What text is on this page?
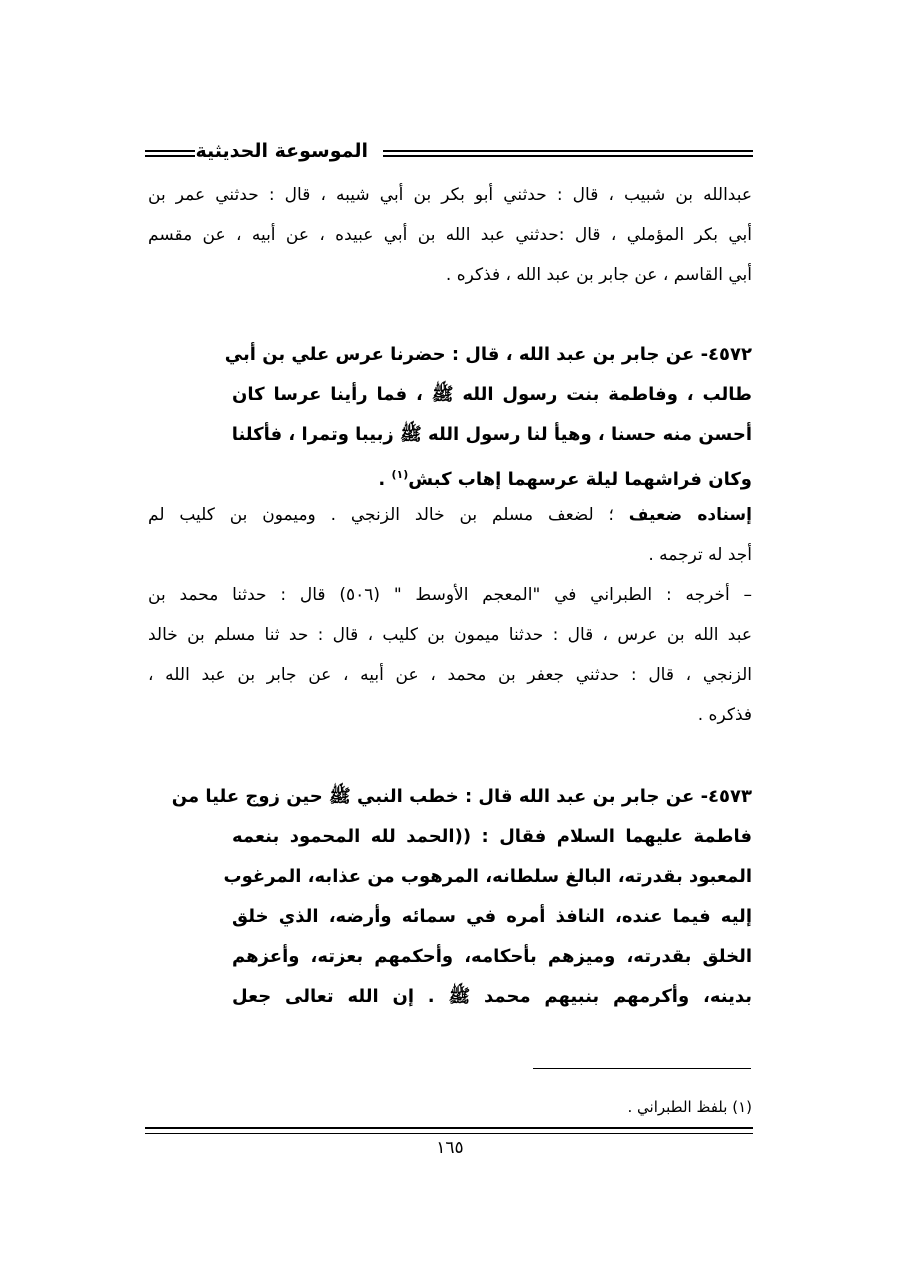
الموسوعة الحديثية
عبدالله بن شبيب ، قال : حدثني أبو بكر بن أبي شيبه ، قال : حدثني عمر بن
أبي بكر المؤملي ، قال :حدثني عبد الله بن أبي عبيده ، عن أبيه ، عن مقسم
أبي القاسم ، عن جابر بن عبد الله ، فذكره .
٤٥٧٢- عن جابر بن عبد الله ، قال : حضرنا عرس علي بن أبي
طالب ، وفاطمة بنت رسول الله ﷺ ، فما رأينا عرسا كان
أحسن منه حسنا ، وهيأ لنا رسول الله ﷺ زبيبا وتمرا ، فأكلنا
وكان فراشهما ليلة عرسهما إهاب كبش$^{(١)}$ .
إسناده ضعيف ؛ لضعف مسلم بن خالد الزنجي . وميمون بن كليب لم
أجد له ترجمه .
– أخرجه : الطبراني في "المعجم الأوسط " (٥٠٦) قال : حدثنا محمد بن
عبد الله بن عرس ، قال : حدثنا ميمون بن كليب ، قال : حد ثنا مسلم بن خالد
الزنجي ، قال : حدثني جعفر بن محمد ، عن أبيه ، عن جابر بن عبد الله ،
فذكره .
٤٥٧٣- عن جابر بن عبد الله قال : خطب النبي ﷺ حين زوج عليا من
فاطمة عليهما السلام فقال : ((الحمد لله المحمود بنعمه
المعبود بقدرته، البالغ سلطانه، المرهوب من عذابه، المرغوب
إليه فيما عنده، النافذ أمره في سمائه وأرضه، الذي خلق
الخلق بقدرته، وميزهم بأحكامه، وأحكمهم بعزته، وأعزهم
بدينه، وأكرمهم بنبيهم محمد ﷺ . إن الله تعالى جعل
(١) بلفظ الطبراني .
١٦٥
